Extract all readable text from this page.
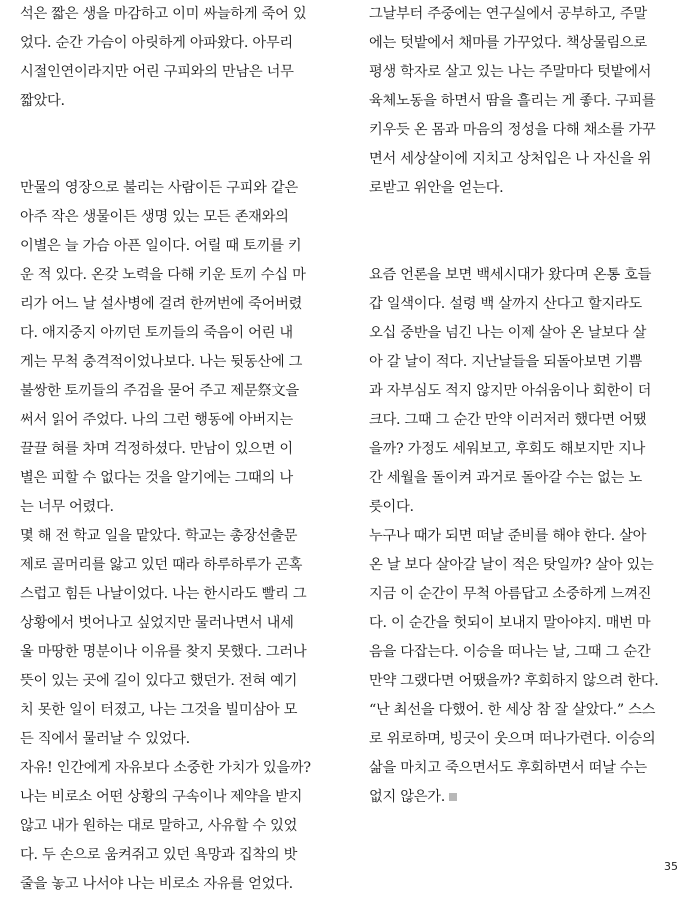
석은 짧은 생을 마감하고 이미 싸늘하게 죽어 있
었다. 순간 가슴이 아릿하게 아파왔다. 아무리
시절인연이라지만 어린 구피와의 만남은 너무
짧았다.
만물의 영장으로 불리는 사람이든 구피와 같은
아주 작은 생물이든 생명 있는 모든 존재와의
이별은 늘 가슴 아픈 일이다. 어릴 때 토끼를 키
운 적 있다. 온갖 노력을 다해 키운 토끼 수십 마
리가 어느 날 설사병에 걸려 한꺼번에 죽어버렸
다. 애지중지 아끼던 토끼들의 죽음이 어린 내
게는 무척 충격적이었나보다. 나는 뒷동산에 그
불쌍한 토끼들의 주검을 묻어 주고 제문祭文을
써서 읽어 주었다. 나의 그런 행동에 아버지는
끌끌 혀를 차며 걱정하셨다. 만남이 있으면 이
별은 피할 수 없다는 것을 알기에는 그때의 나
는 너무 어렸다.
몇 해 전 학교 일을 맡았다. 학교는 총장선출문
제로 골머리를 앓고 있던 때라 하루하루가 곤혹
스럽고 힘든 나날이었다. 나는 한시라도 빨리 그
상황에서 벗어나고 싶었지만 물러나면서 내세
울 마땅한 명분이나 이유를 찾지 못했다. 그러나
뜻이 있는 곳에 길이 있다고 했던가. 전혀 예기
치 못한 일이 터졌고, 나는 그것을 빌미삼아 모
든 직에서 물러날 수 있었다.
자유! 인간에게 자유보다 소중한 가치가 있을까?
나는 비로소 어떤 상황의 구속이나 제약을 받지
않고 내가 원하는 대로 말하고, 사유할 수 있었
다. 두 손으로 움켜쥐고 있던 욕망과 집착의 밧
줄을 놓고 나서야 나는 비로소 자유를 얻었다.
그날부터 주중에는 연구실에서 공부하고, 주말
에는 텃밭에서 채마를 가꾸었다. 책상물림으로
평생 학자로 살고 있는 나는 주말마다 텃밭에서
육체노동을 하면서 땀을 흘리는 게 좋다. 구피를
키우듯 온 몸과 마음의 정성을 다해 채소를 가꾸
면서 세상살이에 지치고 상처입은 나 자신을 위
로받고 위안을 얻는다.
요즘 언론을 보면 백세시대가 왔다며 온통 호들
갑 일색이다. 설령 백 살까지 산다고 할지라도
오십 중반을 넘긴 나는 이제 살아 온 날보다 살
아 갈 날이 적다. 지난날들을 되돌아보면 기쁨
과 자부심도 적지 않지만 아쉬움이나 회한이 더
크다. 그때 그 순간 만약 이러저러 했다면 어땠
을까? 가정도 세워보고, 후회도 해보지만 지나
간 세월을 돌이켜 과거로 돌아갈 수는 없는 노
릇이다.
누구나 때가 되면 떠날 준비를 해야 한다. 살아
온 날 보다 살아갈 날이 적은 탓일까? 살아 있는
지금 이 순간이 무척 아름답고 소중하게 느껴진
다. 이 순간을 헛되이 보내지 말아야지. 매번 마
음을 다잡는다. 이승을 떠나는 날, 그때 그 순간
만약 그랬다면 어땠을까? 후회하지 않으려 한다.
“난 최선을 다했어. 한 세상 참 잘 살았다.” 스스
로 위로하며, 빙긋이 웃으며 떠나가련다. 이승의
삶을 마치고 죽으면서도 후회하면서 떠날 수는
없지 않은가.
35
